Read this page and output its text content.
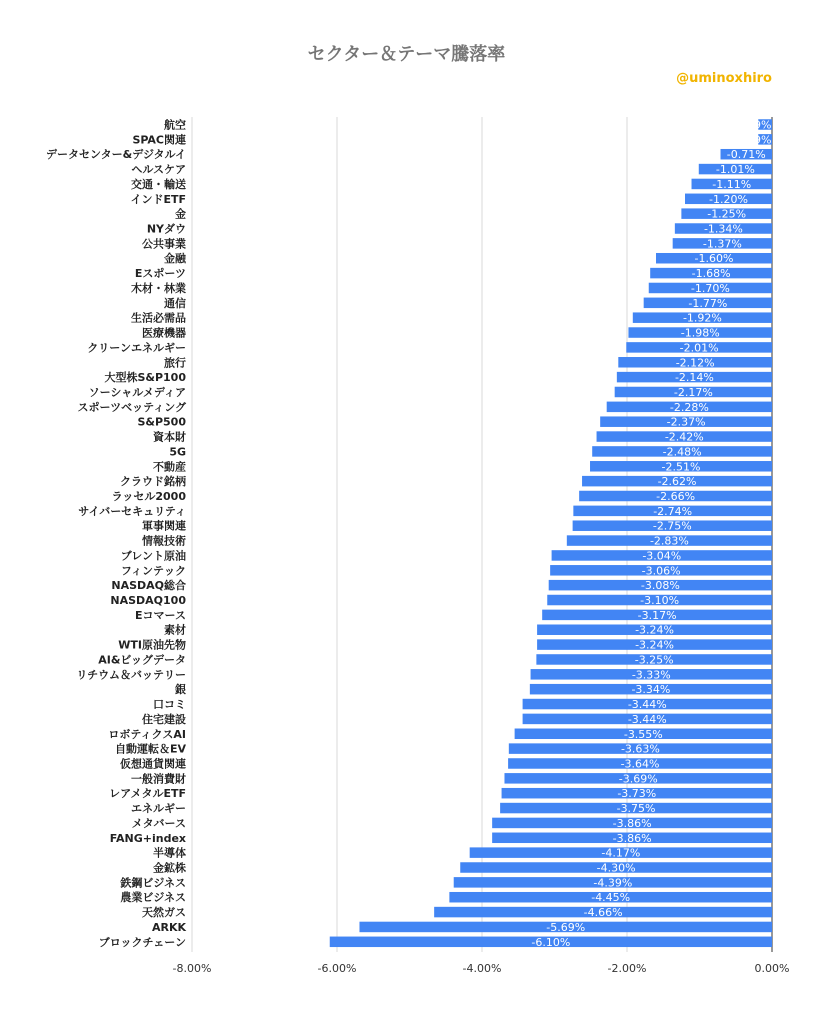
セクター＆テーマ騰落率
@uminoxhiro
航空
SPAC関連
データセンター&デジタルイ
ヘルスケア
交通・輸送
インドETF
金
NYダウ
公共事業
金融
Eスポーツ
木材・林業
通信
生活必需品
医療機器
クリーンエネルギー
旅行
大型株S&P100
ソーシャルメディア
スポーツベッティング
S&P500
資本財
5G
不動産
クラウド銘柄
ラッセル2000
サイバーセキュリティ
軍事関連
情報技術
ブレント原油
フィンテック
NASDAQ総合
NASDAQ100
Eコマース
素材
WTI原油先物
AI&ビッグデータ
リチウム＆バッテリー
銀
口コミ
住宅建設
ロボティクスAI
自動運転＆EV
仮想通貨関連
一般消費財
レアメタルETF
エネルギー
メタバース
FANG+index
半導体
金鉱株
鉄鋼ビジネス
農業ビジネス
天然ガス
ARKK
ブロックチェーン
-0.19%
-0.19%
-0.71%
-1.01%
-1.11%
-1.20%
-1.25%
-1.34%
-1.37%
-1.60%
-1.68%
-1.70%
-1.77%
-1.92%
-1.98%
-2.01%
-2.12%
-2.14%
-2.17%
-2.28%
-2.37%
-2.42%
-2.48%
-2.51%
-2.62%
-2.66%
-2.74%
-2.75%
-2.83%
-3.04%
-3.06%
-3.08%
-3.10%
-3.17%
-3.24%
-3.24%
-3.25%
-3.33%
-3.34%
-3.44%
-3.44%
-3.55%
-3.63%
-3.64%
-3.69%
-3.73%
-3.75%
-3.86%
-3.86%
-4.17%
-4.30%
-4.39%
-4.45%
-4.66%
-5.69%
-6.10%
-8.00%	-6.00%	-4.00%	-2.00%	0.00%
